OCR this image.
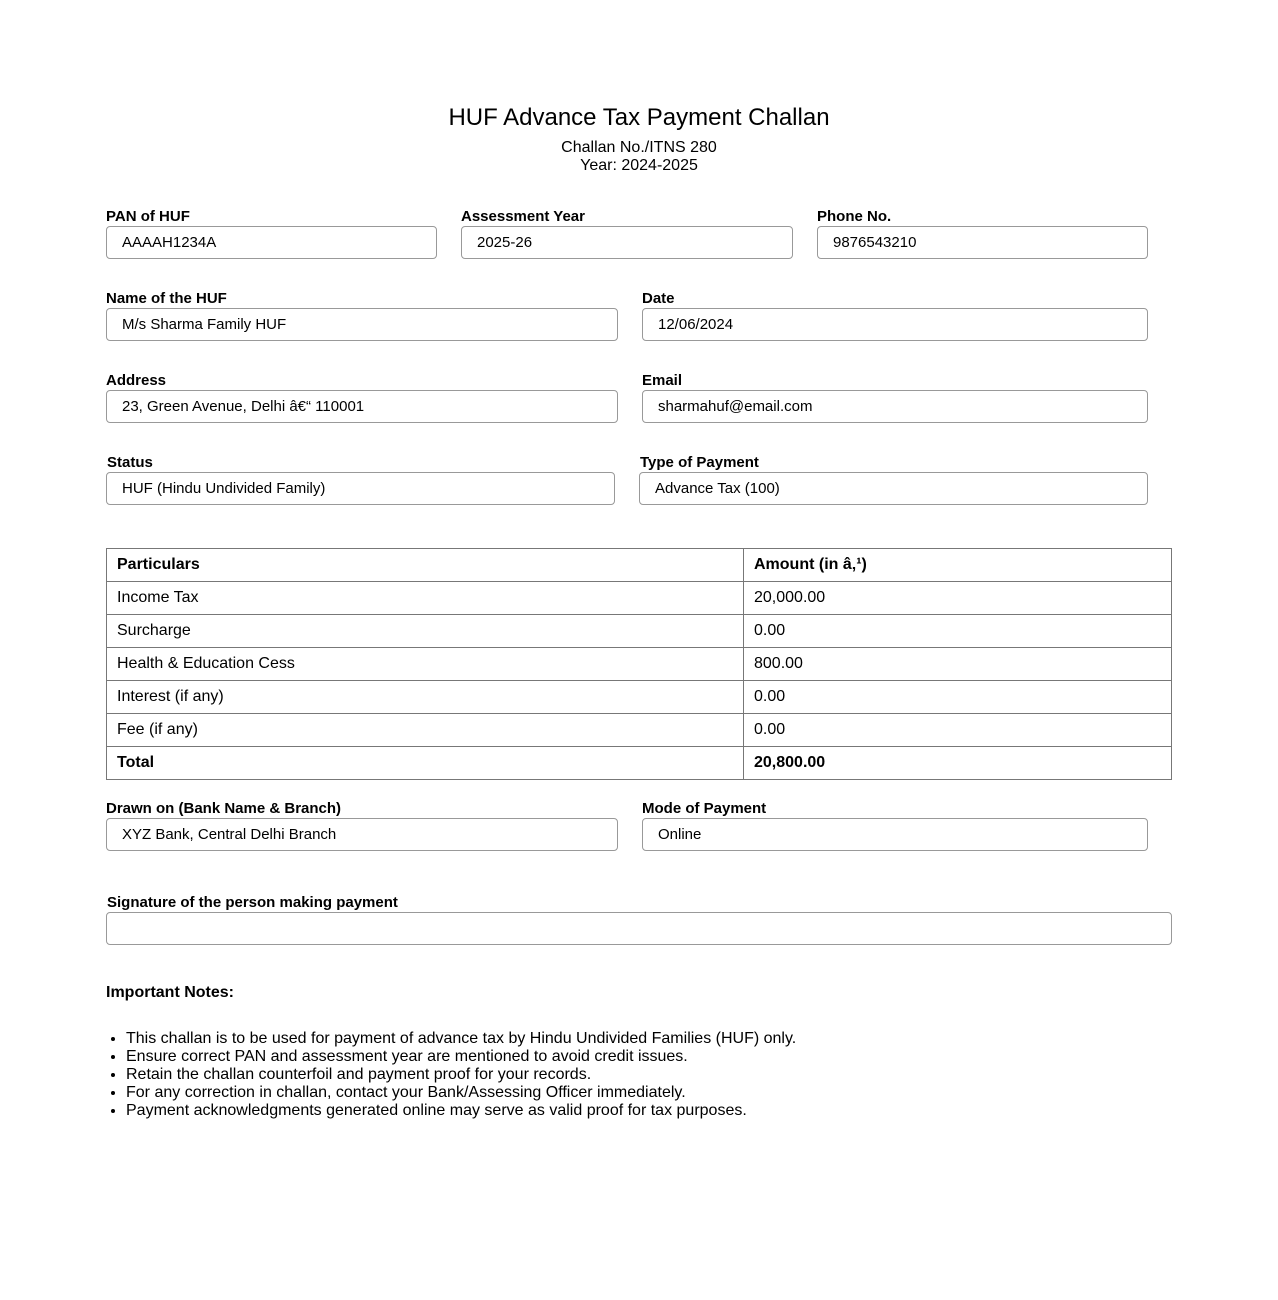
HUF Advance Tax Payment Challan
Challan No./ITNS 280
Year: 2024-2025
PAN of HUF
AAAAH1234A
Assessment Year
2025-26
Phone No.
9876543210
Name of the HUF
M/s Sharma Family HUF
Date
12/06/2024
Address
23, Green Avenue, Delhi â€“ 110001
Email
sharmahuf@email.com
Status
HUF (Hindu Undivided Family)
Type of Payment
Advance Tax (100)
Particulars	Amount (in â‚¹)
Income Tax	20,000.00
Surcharge	0.00
Health & Education Cess	800.00
Interest (if any)	0.00
Fee (if any)	0.00
Total	20,800.00
Drawn on (Bank Name & Branch)
XYZ Bank, Central Delhi Branch
Mode of Payment
Online
Signature of the person making payment
Important Notes:
• This challan is to be used for payment of advance tax by Hindu Undivided Families (HUF) only.
• Ensure correct PAN and assessment year are mentioned to avoid credit issues.
• Retain the challan counterfoil and payment proof for your records.
• For any correction in challan, contact your Bank/Assessing Officer immediately.
• Payment acknowledgments generated online may serve as valid proof for tax purposes.
